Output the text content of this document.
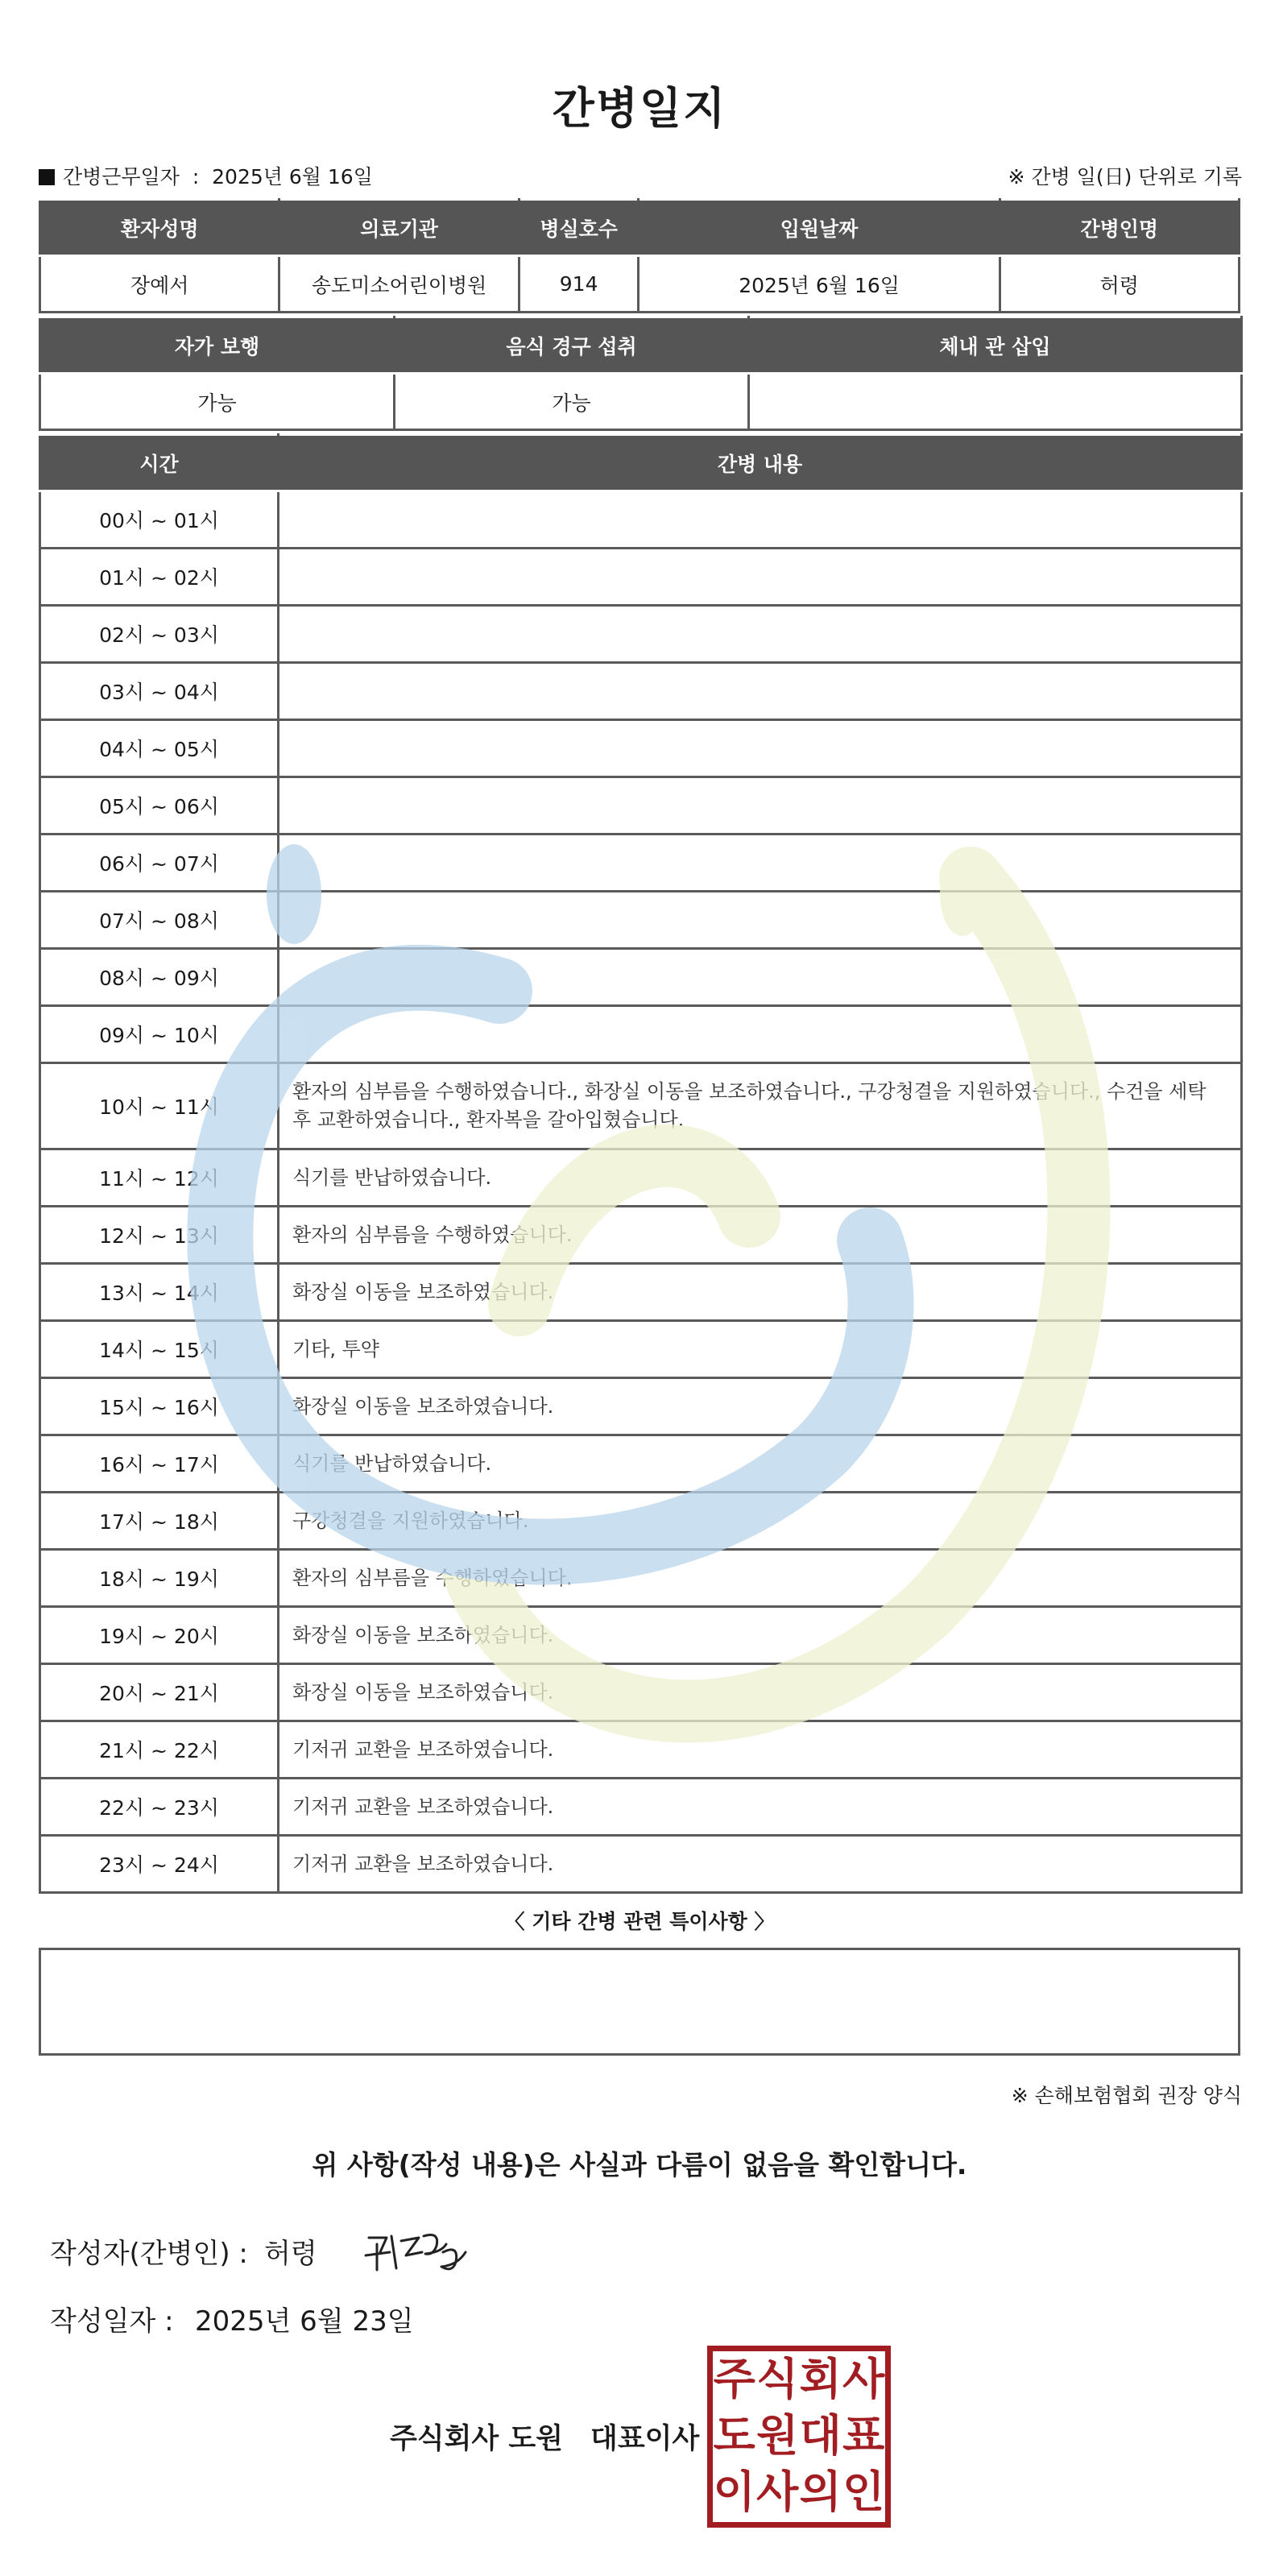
간병일지
간병근무일자 : 2025년 6월 16일	※ 간병 일(日) 단위로 기록
환자성명	의료기관	병실호수	입원날짜	간병인명
장예서	송도미소어린이병원	914	2025년 6월 16일	허령
자가 보행	음식 경구 섭취	체내 관 삽입
가능	가능	
시간	간병 내용
00시 ~ 01시	
01시 ~ 02시	
02시 ~ 03시	
03시 ~ 04시	
04시 ~ 05시	
05시 ~ 06시	
06시 ~ 07시	
07시 ~ 08시	
08시 ~ 09시	
09시 ~ 10시	
10시 ~ 11시	환자의 심부름을 수행하였습니다., 화장실 이동을 보조하였습니다., 구강청결을 지원하였습니다., 수건을 세탁 후 교환하였습니다., 환자복을 갈아입혔습니다.
11시 ~ 12시	식기를 반납하였습니다.
12시 ~ 13시	환자의 심부름을 수행하였습니다.
13시 ~ 14시	화장실 이동을 보조하였습니다.
14시 ~ 15시	기타, 투약
15시 ~ 16시	화장실 이동을 보조하였습니다.
16시 ~ 17시	식기를 반납하였습니다.
17시 ~ 18시	구강청결을 지원하였습니다.
18시 ~ 19시	환자의 심부름을 수행하였습니다.
19시 ~ 20시	화장실 이동을 보조하였습니다.
20시 ~ 21시	화장실 이동을 보조하였습니다.
21시 ~ 22시	기저귀 교환을 보조하였습니다.
22시 ~ 23시	기저귀 교환을 보조하였습니다.
23시 ~ 24시	기저귀 교환을 보조하였습니다.
〈 기타 간병 관련 특이사항 〉
※ 손해보험협회 권장 양식
위 사항(작성 내용)은 사실과 다름이 없음을 확인합니다.
작성자(간병인) : 허령
작성일자 : 2025년 6월 23일
주식회사 도원 대표이사
주 식 회 사
도 원 대 표
이 사 의 인
